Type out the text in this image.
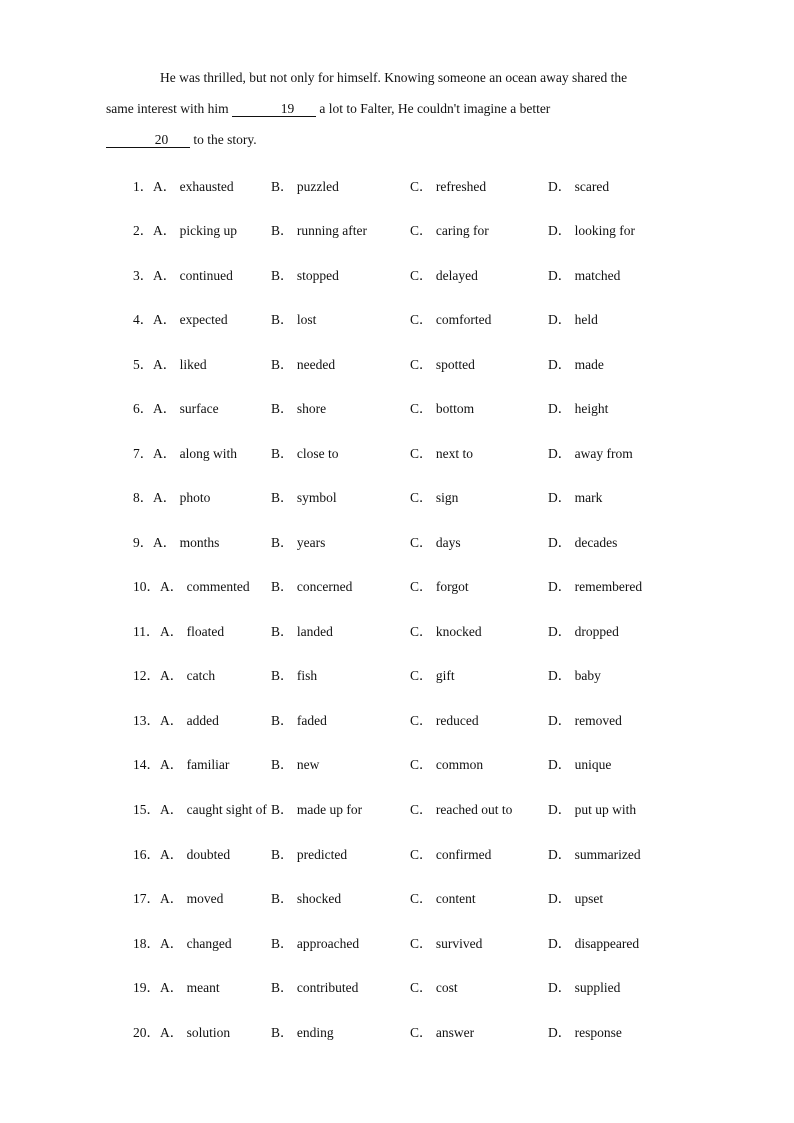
He was thrilled, but not only for himself. Knowing someone an ocean away shared the
same interest with him	19 a lot to Falter, He couldn't imagine a better
20 to the story.

1． A． exhausted	B． puzzled	C． refreshed	D． scared
2． A． picking up	B． running after	C． caring for	D． looking for
3． A． continued	B． stopped	C． delayed	D． matched
4． A． expected	B． lost	C． comforted	D． held
5． A． liked	B． needed	C． spotted	D． made
6． A． surface	B． shore	C． bottom	D． height
7． A． along with	B． close to	C． next to	D． away from
8． A． photo	B． symbol	C． sign	D． mark
9． A． months	B． years	C． days	D． decades
10． A． commented B． concerned	C． forgot	D． remembered
11． A． floated	B． landed	C． knocked	D． dropped
12． A． catch	B． fish	C． gift	D． baby
13． A． added	B． faded	C． reduced	D． removed
14． A． familiar	B． new	C． common	D． unique
15． A． caught sight of B． made up for	C． reached out to	D． put up with
16． A． doubted	B． predicted	C． confirmed	D． summarized
17． A． moved	B． shocked	C． content	D． upset
18． A． changed	B． approached	C． survived	D． disappeared
19． A． meant	B． contributed	C． cost	D． supplied
20． A． solution	B． ending	C． answer	D． response
